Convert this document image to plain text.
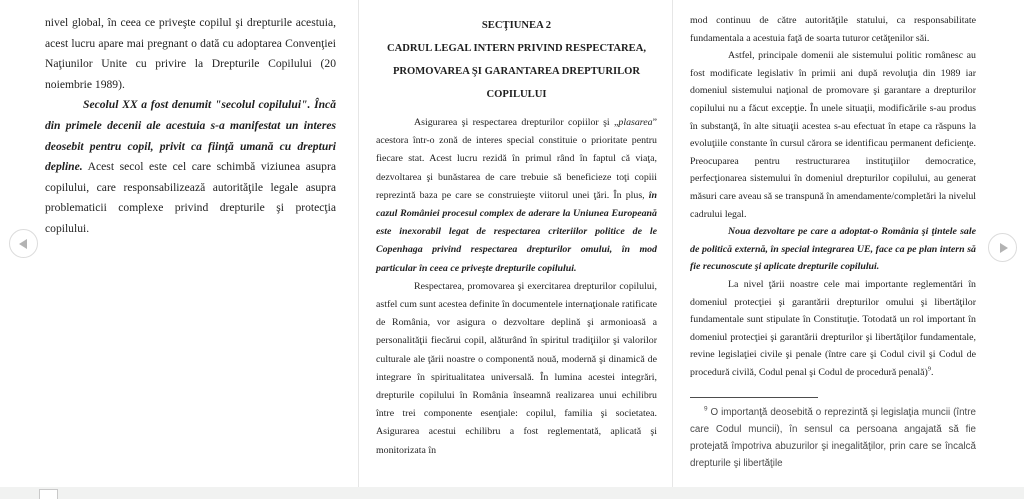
nivel global, în ceea ce priveşte copilul şi drepturile acestuia, acest lucru apare mai pregnant o dată cu adoptarea Convenţiei Naţiunilor Unite cu privire la Drepturile Copilului (20 noiembrie 1989).

Secolul XX a fost denumit "secolul copilului". Încă din primele decenii ale acestuia s-a manifestat un interes deosebit pentru copil, privit ca fiinţă umană cu drepturi depline. Acest secol este cel care schimbă viziunea asupra copilului, care responsabilizează autorităţile legale asupra problematicii complexe privind drepturile şi protecţia copilului.

SECŢIUNEA 2
CADRUL LEGAL INTERN PRIVIND RESPECTAREA,
PROMOVAREA ŞI GARANTAREA DREPTURILOR
COPILULUI

Asigurarea şi respectarea drepturilor copiilor şi „plasarea” acestora într-o zonă de interes special constituie o prioritate pentru fiecare stat. Acest lucru rezidă în primul rând în faptul că viaţa, dezvoltarea şi bunăstarea de care trebuie să beneficieze toţi copiii reprezintă baza pe care se construieşte viitorul unei ţări. În plus, în cazul României procesul complex de aderare la Uniunea Europeană este inexorabil legat de respectarea criteriilor politice de le Copenhaga privind respectarea drepturilor omului, în mod particular în ceea ce priveşte drepturile copilului.

Respectarea, promovarea şi exercitarea drepturilor copilului, astfel cum sunt acestea definite în documentele internaţionale ratificate de România, vor asigura o dezvoltare deplină şi armonioasă a personalităţii fiecărui copil, alăturând în spiritul tradiţiilor şi valorilor culturale ale ţării noastre o componentă nouă, modernă şi dinamică de integrare în spiritualitatea universală. În lumina acestei integrări, drepturile copilului în România înseamnă realizarea unui echilibru între trei componente esenţiale: copilul, familia şi societatea. Asigurarea acestui echilibru a fost reglementată, aplicată şi monitorizata în

mod continuu de către autorităţile statului, ca responsabilitate fundamentala a acestuia faţă de soarta tuturor cetăţenilor săi.

Astfel, principale domenii ale sistemului politic românesc au fost modificate legislativ în primii ani după revoluţia din 1989 iar domeniul sistemului naţional de promovare şi garantare a drepturilor copilului nu a făcut excepţie. În unele situaţii, modificările s-au produs în substanţă, în alte situaţii acestea s-au efectuat în etape ca răspuns la evoluţiile constante în cursul cărora se identificau permanent deficienţe. Preocuparea pentru restructurarea instituţiilor democratice, perfecţionarea sistemului în domeniul drepturilor copilului, au generat măsuri care aveau să se transpună în amendamente/completări la nivelul cadrului legal.

Noua dezvoltare pe care a adoptat-o România şi ţintele sale de politică externă, în special integrarea UE, face ca pe plan intern să fie recunoscute şi aplicate drepturile copilului.

La nivel ţării noastre cele mai importante reglementări în domeniul protecţiei şi garantării drepturilor omului şi libertăţilor fundamentale sunt stipulate în Constituţie. Totodată un rol important în domeniul protecţiei şi garantării drepturilor şi libertăţilor fundamentale, revine legislaţiei civile şi penale (între care şi Codul civil şi Codul de procedură civilă, Codul penal şi Codul de procedură penală)$^9$.

$^9$ O importanţă deosebită o reprezintă şi legislaţia muncii (între care Codul muncii), în sensul ca persoana angajată să fie protejată împotriva abuzurilor şi inegalităţilor, prin care se încalcă drepturile şi libertăţile
